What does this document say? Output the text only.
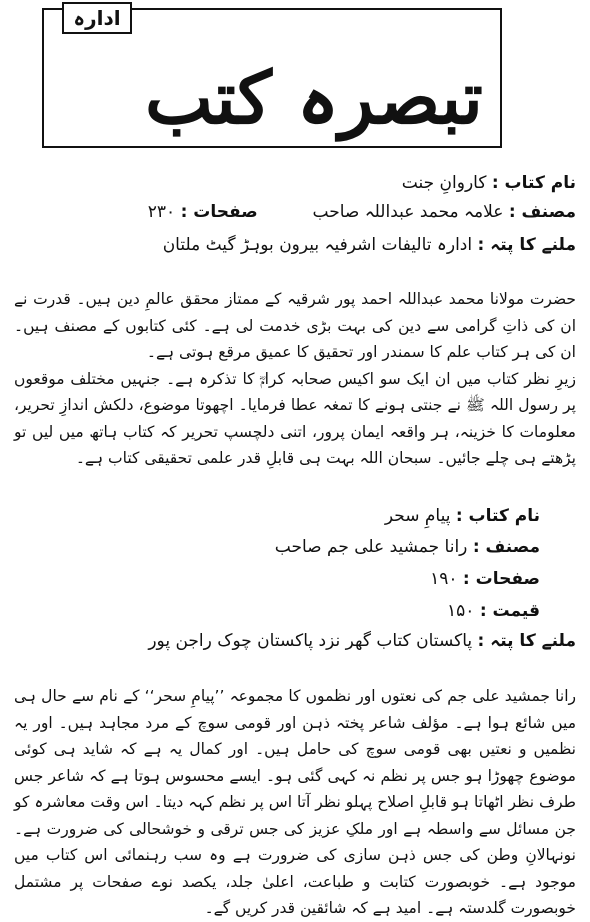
تبصرہ کتب
ادارہ
نام کتاب : کاروانِ جنت
مصنف : علامہ محمد عبداللہ صاحب  صفحات : ۲۳۰
ملنے کا پتہ : ادارہ تالیفات اشرفیہ بیرون بوہڑ گیٹ ملتان

حضرت مولانا محمد عبداللہ احمد پور شرقیہ کے ممتاز محقق عالمِ دین ہیں۔ قدرت نے ان کی ذاتِ گرامی سے دین کی بہت بڑی خدمت لی ہے۔ کئی کتابوں کے مصنف ہیں۔ ان کی ہر کتاب علم کا سمندر اور تحقیق کا عمیق مرقع ہوتی ہے۔

زیرِ نظر کتاب میں ان ایک سو اکیس صحابہ کرامؓ کا تذکرہ ہے۔ جنہیں مختلف موقعوں پر رسول اللہ ﷺ نے جنتی ہونے کا تمغہ عطا فرمایا۔ اچھوتا موضوع، دلکش اندازِ تحریر، معلومات کا خزینہ، ہر واقعہ ایمان پرور، اتنی دلچسپ تحریر کہ کتاب ہاتھ میں لیں تو پڑھتے ہی چلے جائیں۔ سبحان اللہ بہت ہی قابلِ قدر علمی تحقیقی کتاب ہے۔

نام کتاب : پیامِ سحر
مصنف : رانا جمشید علی جم صاحب
صفحات : ۱۹۰
قیمت : ۱۵۰
ملنے کا پتہ : پاکستان کتاب گھر نزد پاکستان چوک راجن پور

رانا جمشید علی جم کی نعتوں اور نظموں کا مجموعہ ’’پیامِ سحر‘‘ کے نام سے حال ہی میں شائع ہوا ہے۔ مؤلف شاعر پختہ ذہن اور قومی سوچ کے مرد مجاہد ہیں۔ اور یہ نظمیں و نعتیں بھی قومی سوچ کی حامل ہیں۔ اور کمال یہ ہے کہ شاید ہی کوئی موضوع چھوڑا ہو جس پر نظم نہ کہی گئی ہو۔ ایسے محسوس ہوتا ہے کہ شاعر جس طرف نظر اٹھاتا ہو قابلِ اصلاح پہلو نظر آتا اس پر نظم کہہ دیتا۔ اس وقت معاشرہ کو جن مسائل سے واسطہ ہے اور ملکِ عزیز کی جس ترقی و خوشحالی کی ضرورت ہے۔ نونہالانِ وطن کی جس ذہن سازی کی ضرورت ہے وہ سب رہنمائی اس کتاب میں موجود ہے۔ خوبصورت کتابت و طباعت، اعلیٰ جلد، یکصد نوے صفحات پر مشتمل خوبصورت گلدستہ ہے۔ امید ہے کہ شائقین قدر کریں گے۔
